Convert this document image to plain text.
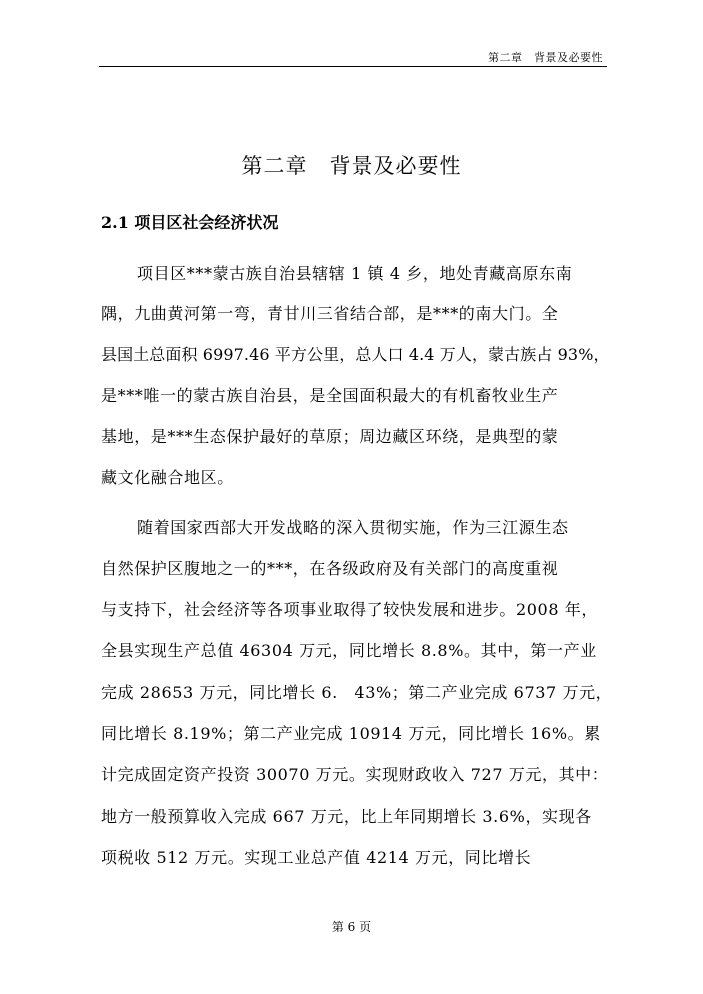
第二章　背景及必要性
第二章　背景及必要性
2.1 项目区社会经济状况
项目区***蒙古族自治县辖辖 1 镇 4 乡，地处青藏高原东南
隅，九曲黄河第一弯，青甘川三省结合部，是***的南大门。全
县国土总面积 6997.46 平方公里，总人口 4.4 万人，蒙古族占 93%，
是***唯一的蒙古族自治县，是全国面积最大的有机畜牧业生产
基地，是***生态保护最好的草原；周边藏区环绕，是典型的蒙
藏文化融合地区。
随着国家西部大开发战略的深入贯彻实施，作为三江源生态
自然保护区腹地之一的***，在各级政府及有关部门的高度重视
与支持下，社会经济等各项事业取得了较快发展和进步。2008 年，
全县实现生产总值 46304 万元，同比增长 8.8%。其中，第一产业
完成 28653 万元，同比增长 6.　43%；第二产业完成 6737 万元，
同比增长 8.19%；第二产业完成 10914 万元，同比增长 16%。累
计完成固定资产投资 30070 万元。实现财政收入 727 万元，其中：
地方一般预算收入完成 667 万元，比上年同期增长 3.6%，实现各
项税收 512 万元。实现工业总产值 4214 万元，同比增长
第 6 页
